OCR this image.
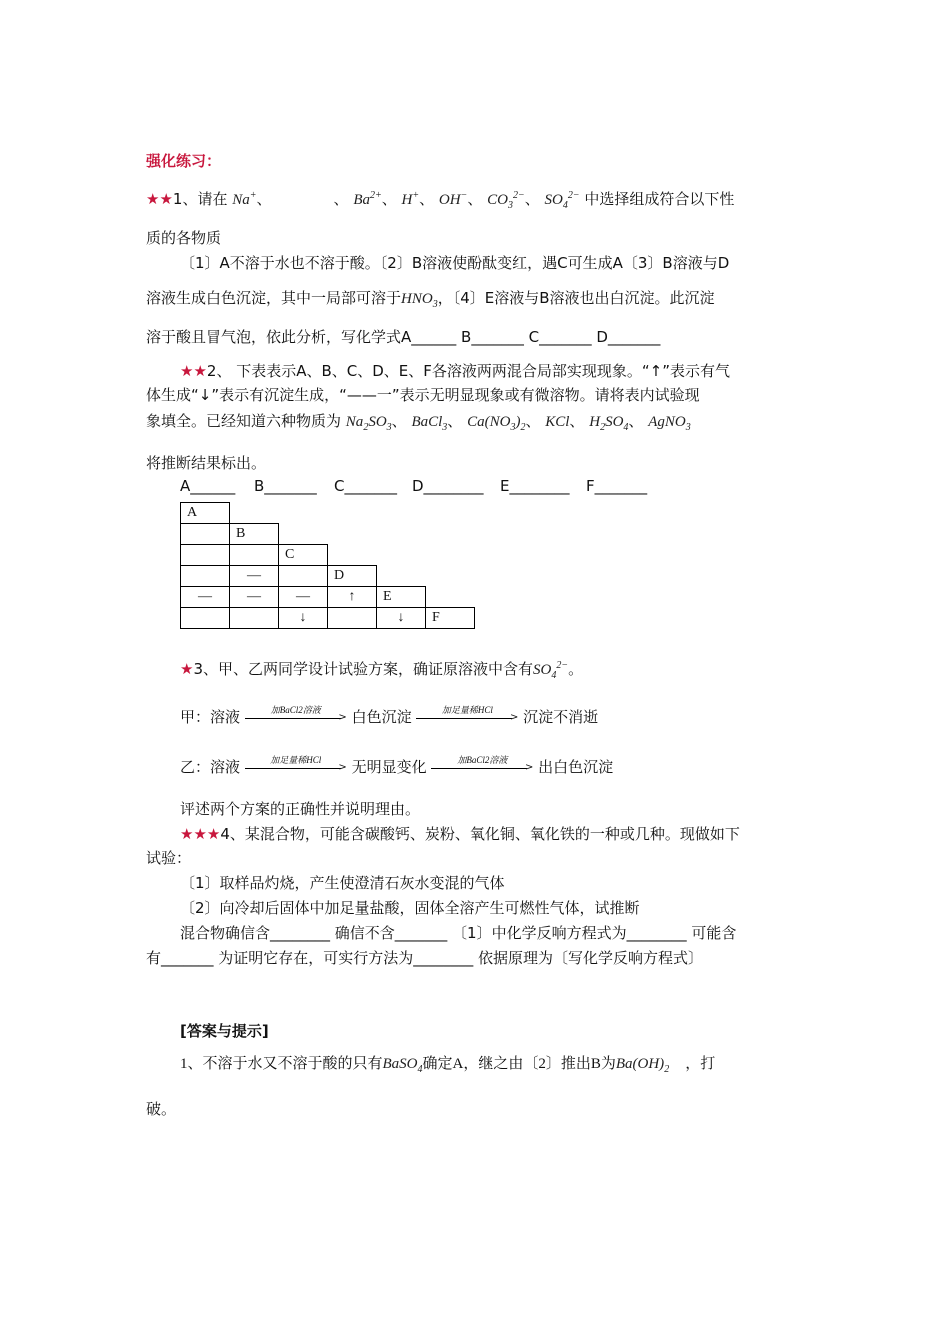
强化练习：
★★1、请在 Na+、	、 $Ba^{2+}$、 H+、 OH−、 $CO_3^{2-}$、 $SO_4^{2-}$ 中选择组成符合以下性
质的各物质
〔1〕A不溶于水也不溶于酸。〔2〕B溶液使酚酞变红，遇C可生成A〔3〕B溶液与D
溶液生成白色沉淀，其中一局部可溶于$HNO_3$，〔4〕E溶液与B溶液也出白沉淀。此沉淀
溶于酸且冒气泡，依此分析，写化学式A______ B_______ C_______ D_______
★★2、 下表表示A、B、C、D、E、F各溶液两两混合局部实现现象。“↑”表示有气
体生成“↓”表示有沉淀生成，“——一”表示无明显现象或有微溶物。请将表内试验现
象填全。已经知道六种物质为 $Na_2SO_3$、 BaCl$_3$、 $Ca(NO_3)_2$、 KCl、 $H_2SO_4$、 AgNO$_3$
将推断结果标出。
A______ B_______ C_______ D________ E________ F_______
A					
	B				
		C			
	—		D		
—	—	—	↑	E	
		↓		↓	F
★3、甲、乙两同学设计试验方案，确证原溶液中含有$SO_4^{2-}$。
甲：溶液	加BaCl2溶液
> 白色沉淀	加足量稀HCl
> 沉淀不消逝
乙：溶液	加足量稀HCl
> 无明显变化	加BaCl2溶液
> 出白色沉淀
评述两个方案的正确性并说明理由。
★★★4、某混合物，可能含碳酸钙、炭粉、氧化铜、氧化铁的一种或几种。现做如下
试验：
〔1〕取样品灼烧，产生使澄清石灰水变混的气体
〔2〕向冷却后固体中加足量盐酸，固体全溶产生可燃性气体，试推断
混合物确信含________ 确信不含_______ 〔1〕中化学反响方程式为________ 可能含
有_______ 为证明它存在，可实行方法为________ 依据原理为〔写化学反响方程式〕
[答案与提示]
1、不溶于水又不溶于酸的只有BaSO$_4$确定A，继之由〔2〕推出B为$Ba(OH)_2$ ，打
破。
